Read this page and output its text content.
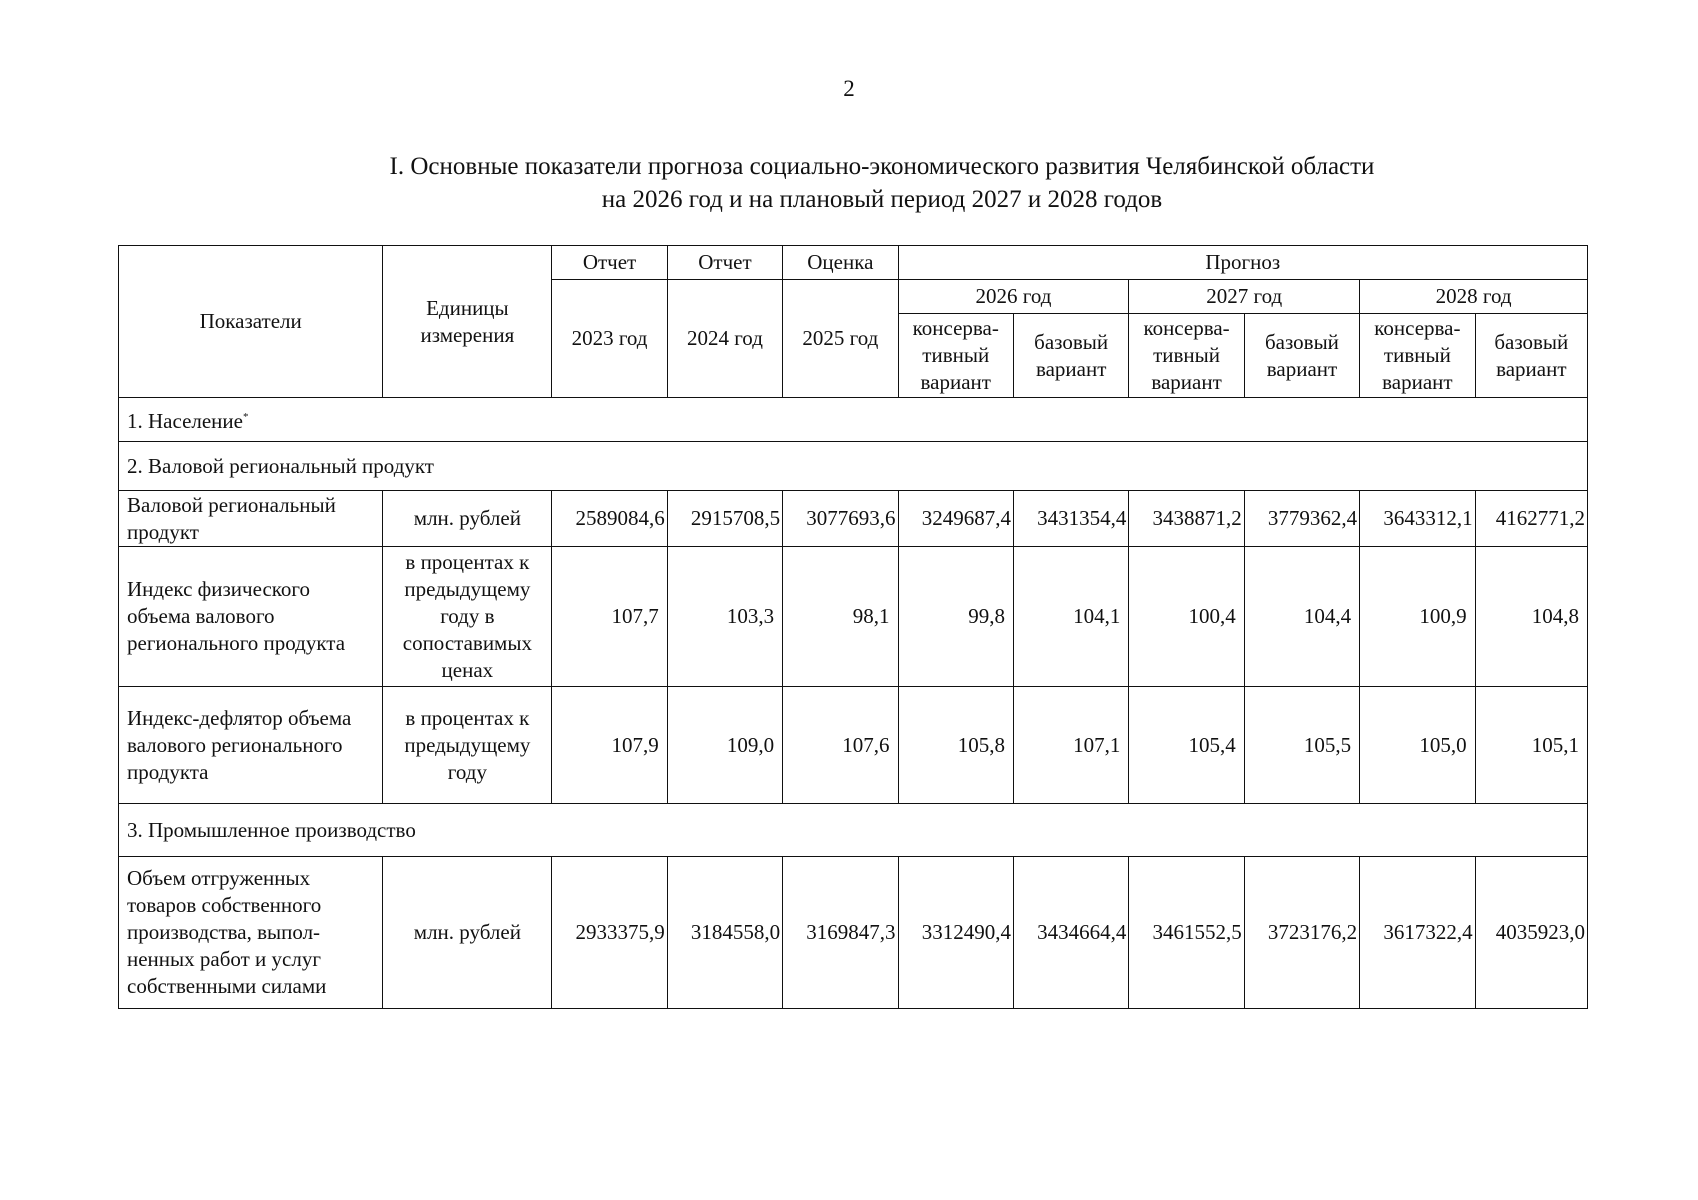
2
I. Основные показатели прогноза социально-экономического развития Челябинской области
на 2026 год и на плановый период 2027 и 2028 годов
Показатели	Единицы измерения	Отчет	Отчет	Оценка	Прогноз					
		2023 год	2024 год	2025 год	2026 год		2027 год		2028 год	
					консерва-тивный вариант	базовый вариант	консерва-тивный вариант	базовый вариант	консерва-тивный вариант	базовый вариант
1. Население*
2. Валовой региональный продукт										
Валовой региональный продукт	млн. рублей	2589084,6	2915708,5	3077693,6	3249687,4	3431354,4	3438871,2	3779362,4	3643312,1	4162771,2
Индекс физического объема валового регионального продукта	в процентах к предыдущему году в сопоставимых ценах	107,7	103,3	98,1	99,8	104,1	100,4	104,4	100,9	104,8
Индекс-дефлятор объема валового регионального продукта	в процентах к предыдущему году	107,9	109,0	107,6	105,8	107,1	105,4	105,5	105,0	105,1
3. Промышленное производство										
Объем отгруженных товаров собственного производства, выпол-ненных работ и услуг собственными силами	млн. рублей	2933375,9	3184558,0	3169847,3	3312490,4	3434664,4	3461552,5	3723176,2	3617322,4	4035923,0
